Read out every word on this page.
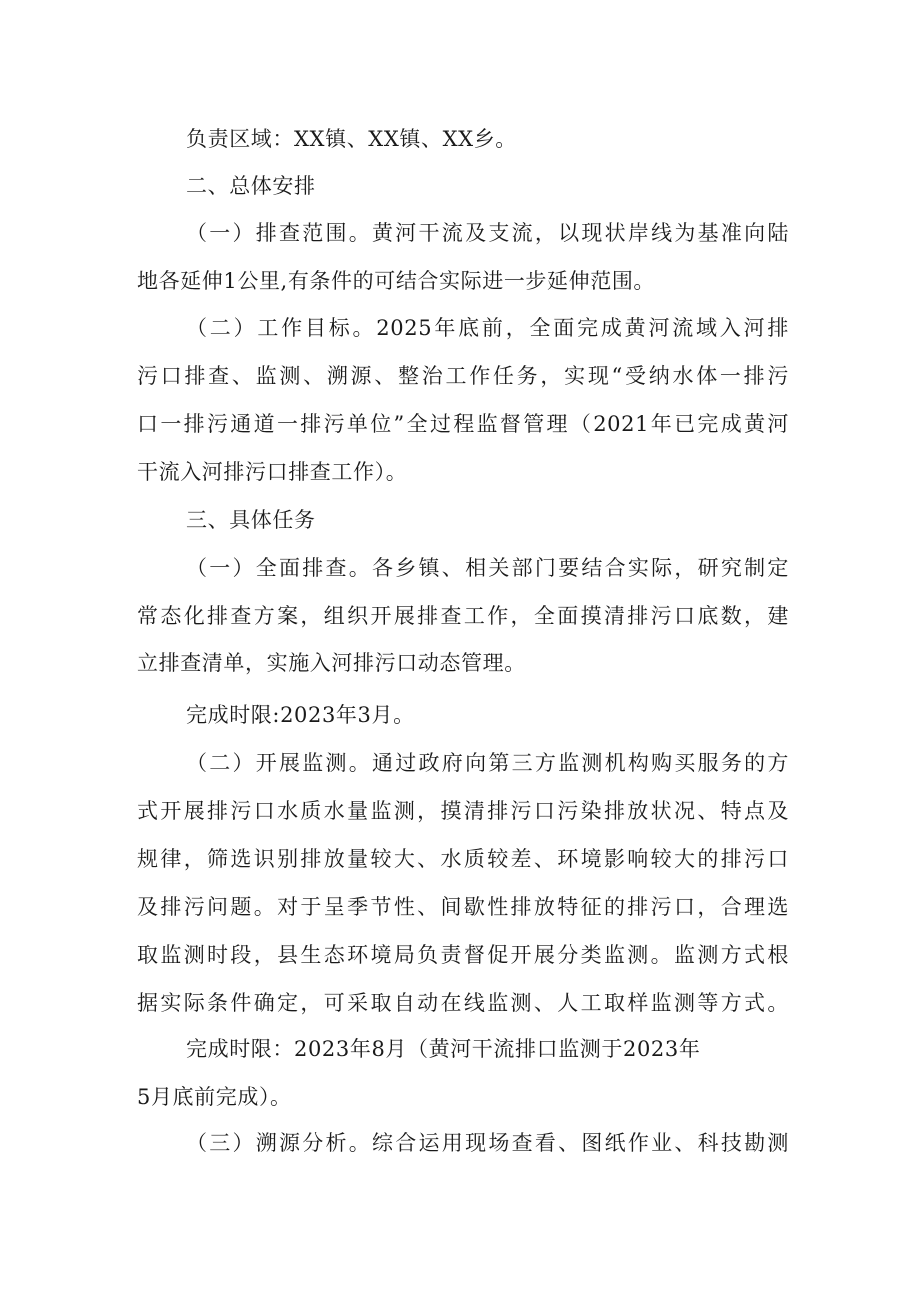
负责区域：XX镇、XX镇、XX乡。

二、总体安排

（一）排查范围。黄河干流及支流，以现状岸线为基准向陆

地各延伸1公里,有条件的可结合实际进一步延伸范围。

（二）工作目标。2025年底前，全面完成黄河流域入河排

污口排查、监测、溯源、整治工作任务，实现“受纳水体一排污

口一排污通道一排污单位”全过程监督管理（2021年已完成黄河

干流入河排污口排查工作）。

三、具体任务

（一）全面排查。各乡镇、相关部门要结合实际，研究制定

常态化排查方案，组织开展排查工作，全面摸清排污口底数，建

立排查清单，实施入河排污口动态管理。

完成时限:2023年3月。

（二）开展监测。通过政府向第三方监测机构购买服务的方

式开展排污口水质水量监测，摸清排污口污染排放状况、特点及

规律，筛选识别排放量较大、水质较差、环境影响较大的排污口

及排污问题。对于呈季节性、间歇性排放特征的排污口，合理选

取监测时段，县生态环境局负责督促开展分类监测。监测方式根

据实际条件确定，可采取自动在线监测、人工取样监测等方式。

完成时限：2023年8月（黄河干流排口监测于2023年

5月底前完成）。

（三）溯源分析。综合运用现场查看、图纸作业、科技勘测
